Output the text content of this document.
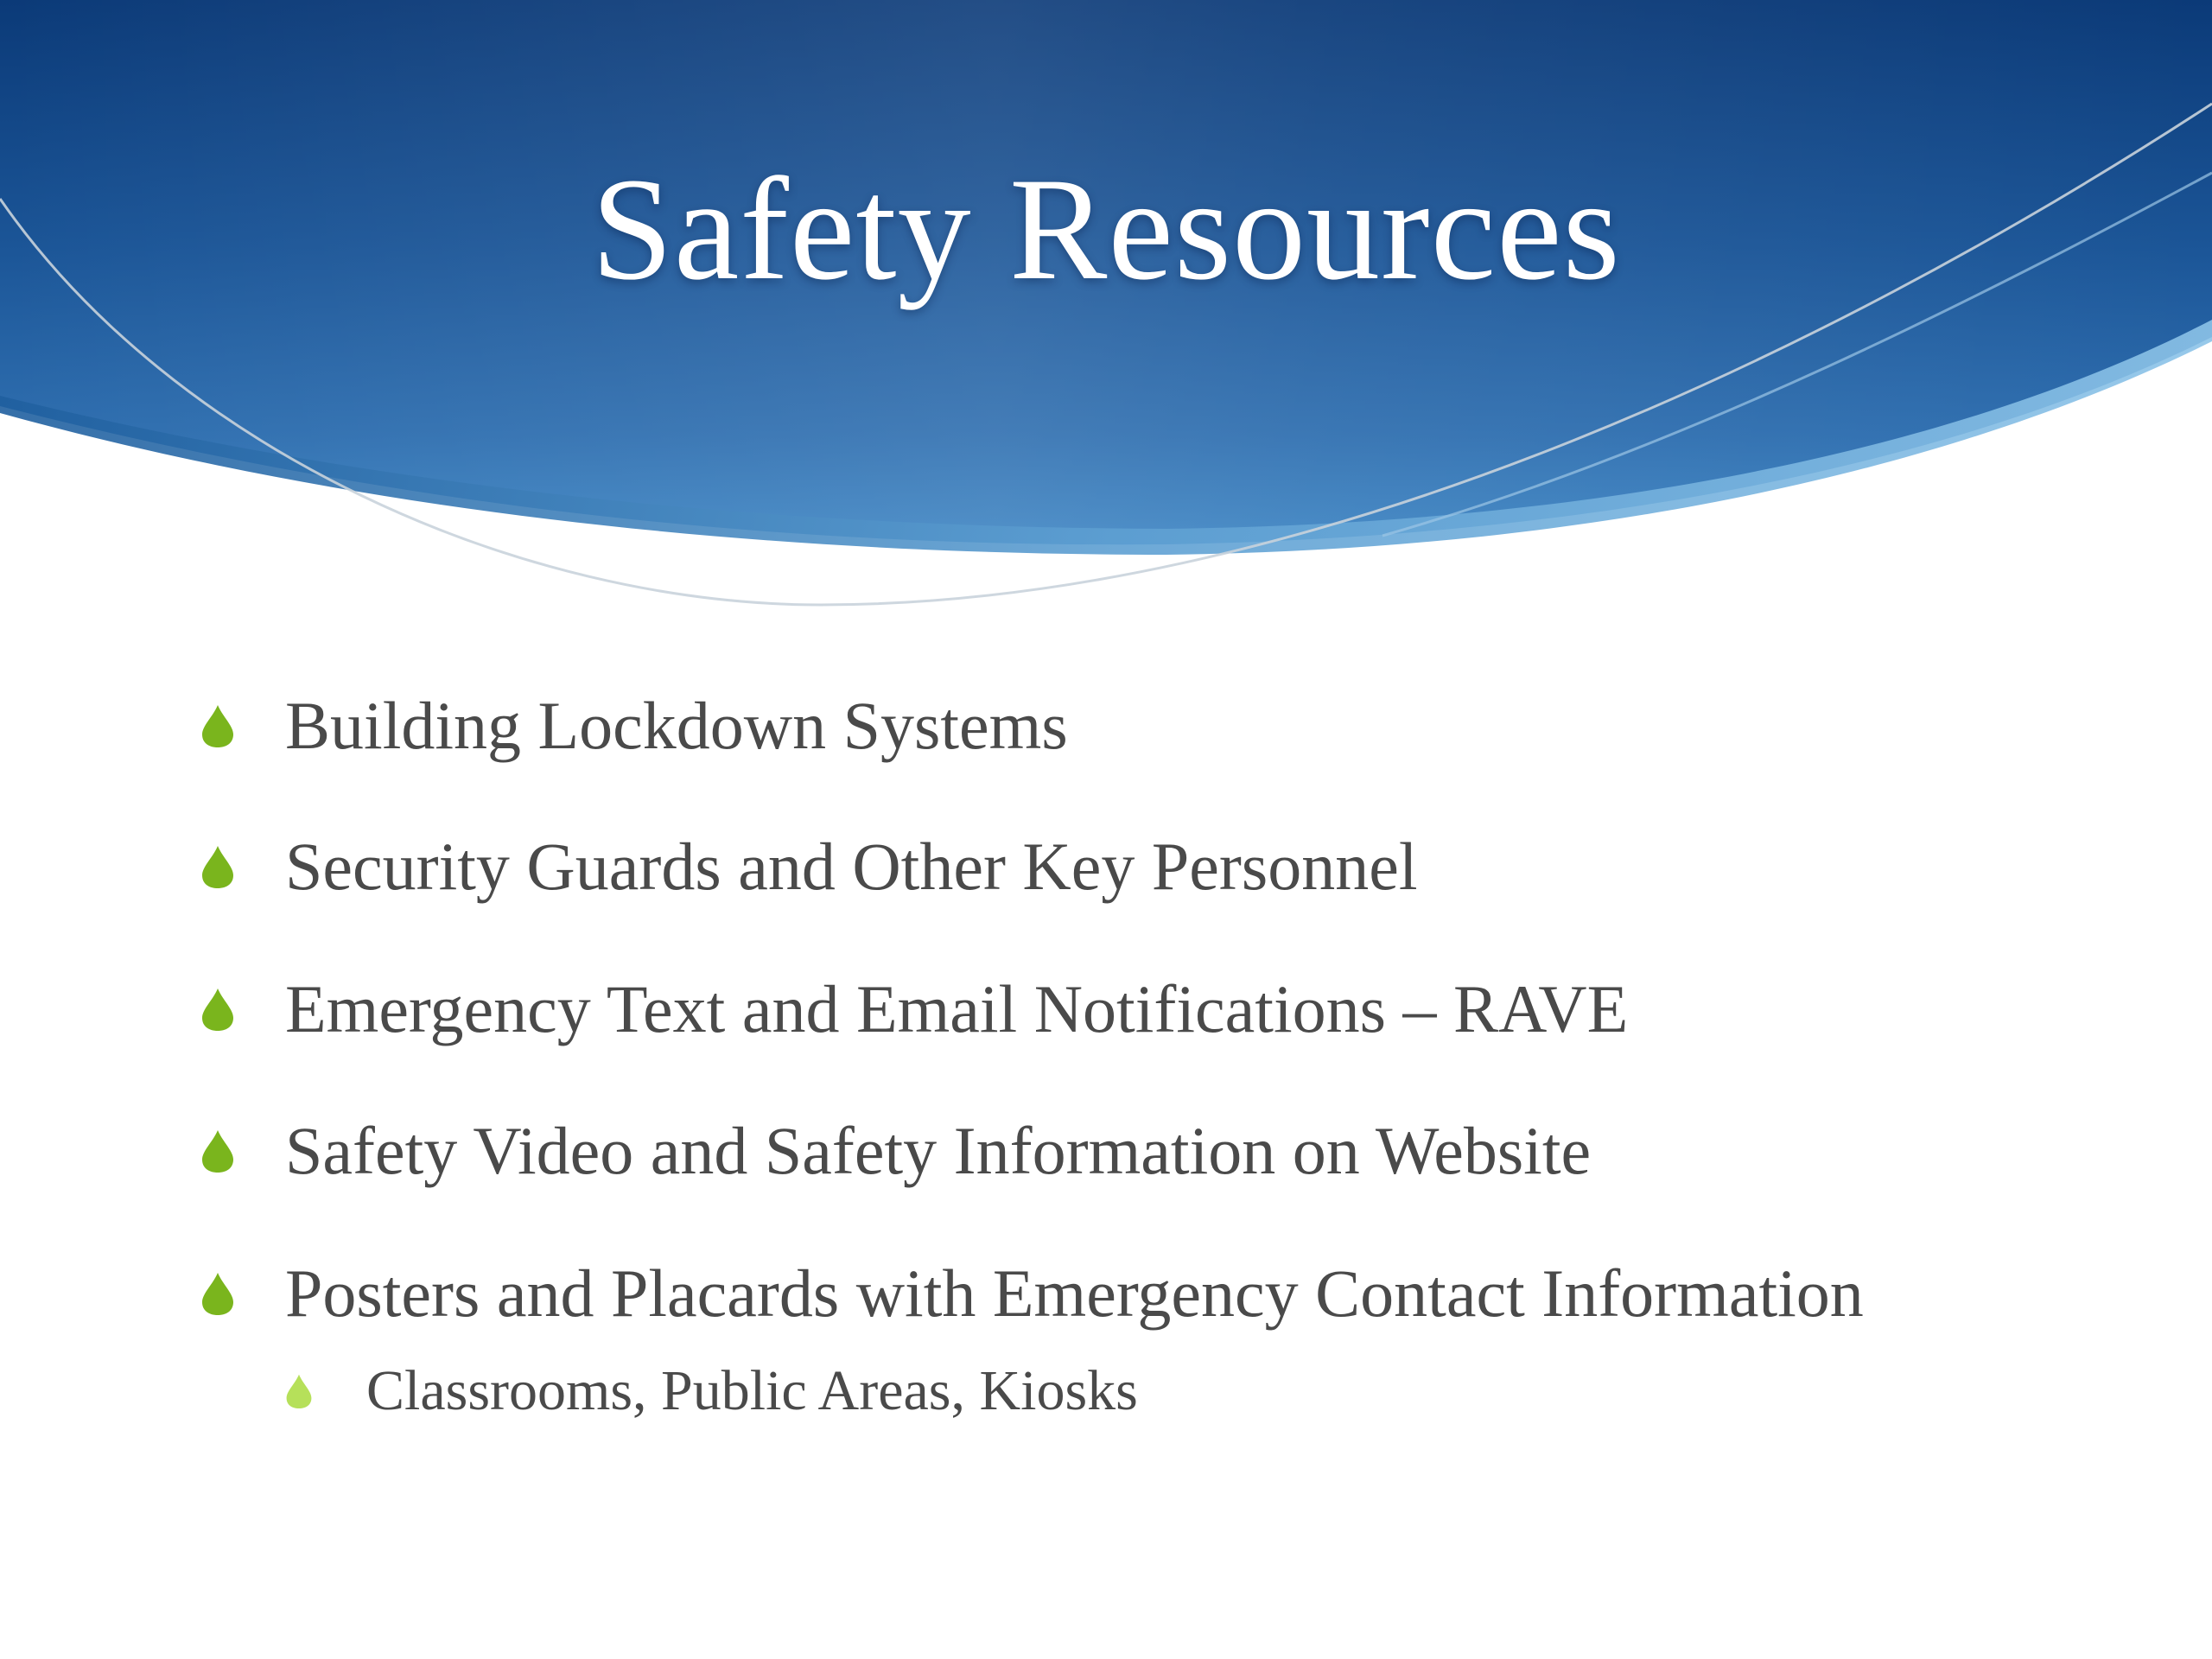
Safety Resources
Building Lockdown Systems
Security Guards and Other Key Personnel
Emergency Text and Email Notifications – RAVE
Safety Video and Safety Information on Website
Posters and Placards with Emergency Contact Information
Classrooms, Public Areas, Kiosks
